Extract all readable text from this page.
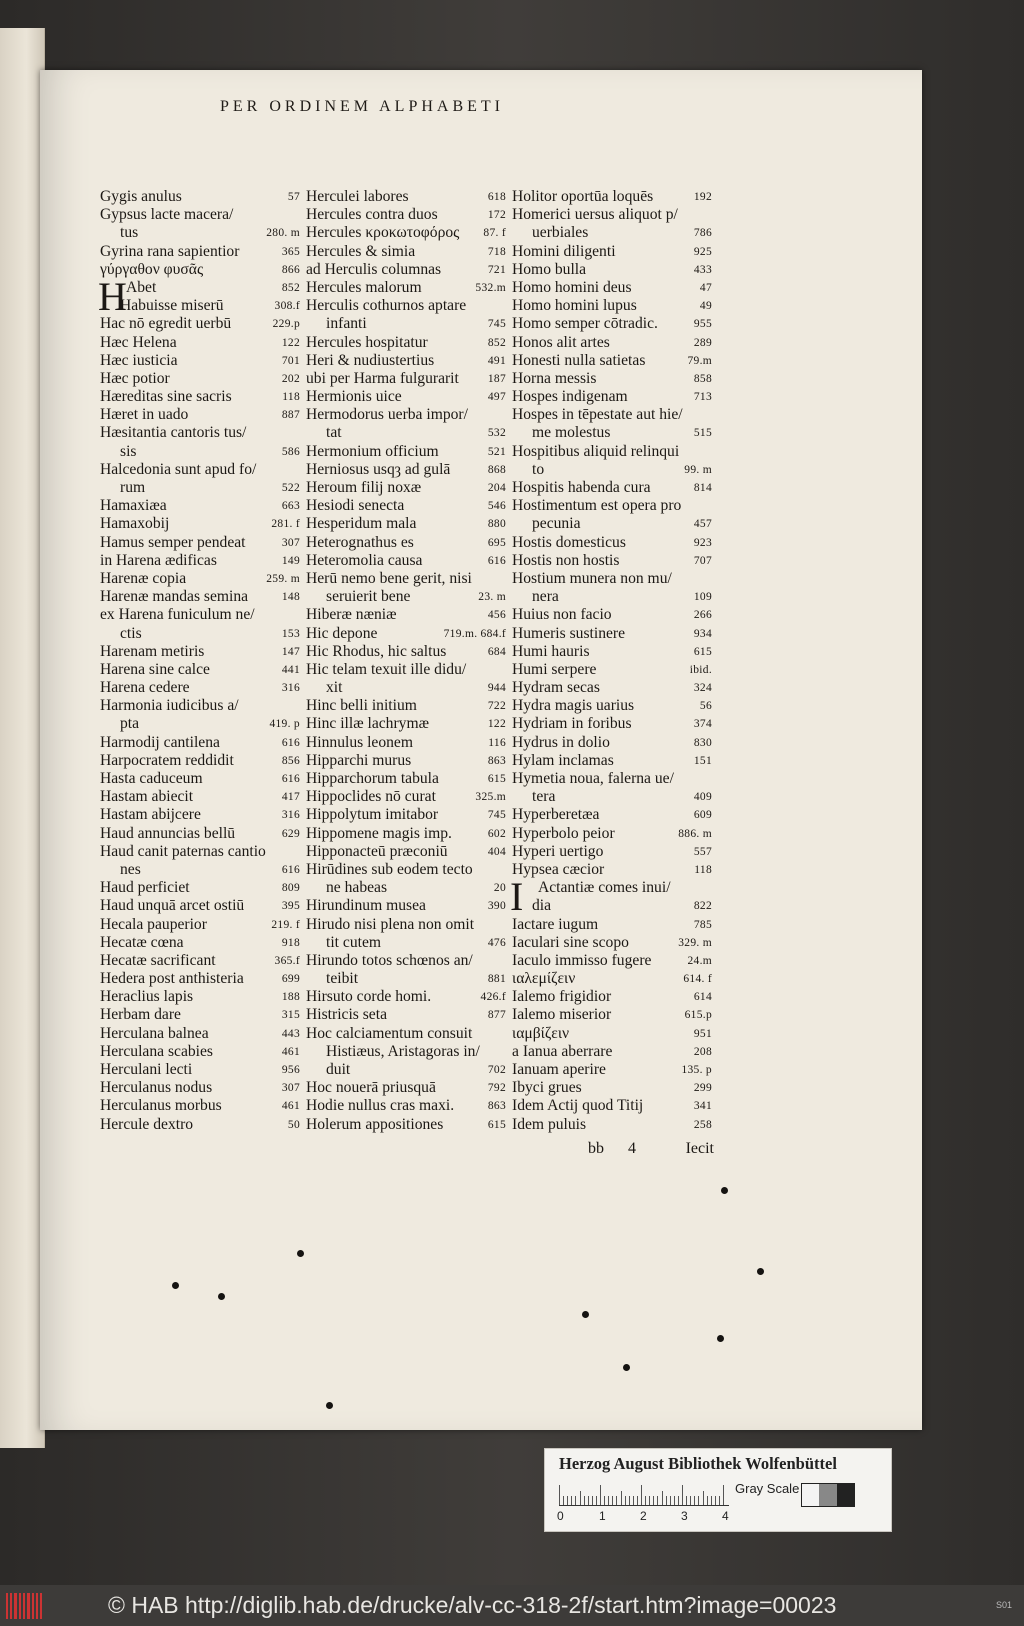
PER ORDINEM ALPHABETI
Gygis anulus	57
Gypsus lacte macera/
tus	280. m
Gyrina rana sapientior	365
γύργαθον φυσᾶς	866
Abet	852
H
Habuisse miserū	308.f
Hac nō egredit uerbū	229.p
Hæc Helena	122
Hæc iusticia	701
Hæc potior	202
Hæreditas sine sacris	118
Hæret in uado	887
Hæsitantia cantoris tus/
sis	586
Halcedonia sunt apud fo/
rum	522
Hamaxiæa	663
Hamaxobij	281. f
Hamus semper pendeat	307
in Harena ædificas	149
Harenæ copia	259. m
Harenæ mandas semina	148
ex Harena funiculum ne/
ctis	153
Harenam metiris	147
Harena sine calce	441
Harena cedere	316
Harmonia iudicibus a/
pta	419. p
Harmodij cantilena	616
Harpocratem reddidit	856
Hasta caduceum	616
Hastam abiecit	417
Hastam abijcere	316
Haud annuncias bellū	629
Haud canit paternas cantio
nes	616
Haud perficiet	809
Haud unquā arcet ostiū	395
Hecala pauperior	219. f
Hecatæ cœna	918
Hecatæ sacrificant	365.f
Hedera post anthisteria	699
Heraclius lapis	188
Herbam dare	315
Herculana balnea	443
Herculana scabies	461
Herculani lecti	956
Herculanus nodus	307
Herculanus morbus	461
Hercule dextro	50
Herculei labores	618
Hercules contra duos	172
Hercules κροκωτοφόρος 87. f
Hercules & simia	718
ad Herculis columnas	721
Hercules malorum	532.m
Herculis cothurnos aptare
infanti	745
Hercules hospitatur	852
Heri & nudiustertius	491
ubi per Harma fulgurarit	187
Hermionis uice	497
Hermodorus uerba impor/
tat	532
Hermonium officium	521
Herniosus usqȝ ad gulā	868
Heroum filij noxæ	204
Hesiodi senecta	546
Hesperidum mala	880
Heterognathus es	695
Heteromolia causa	616
Herū nemo bene gerit, nisi
seruierit bene	23. m
Hiberæ næniæ	456
Hic depone	719.m. 684.f
Hic Rhodus, hic saltus	684
Hic telam texuit ille didu/
xit	944
Hinc belli initium	722
Hinc illæ lachrymæ	122
Hinnulus leonem	116
Hipparchi murus	863
Hipparchorum tabula	615
Hippoclides nō curat	325.m
Hippolytum imitabor	745
Hippomene magis imp.	602
Hipponacteū præconiū	404
Hirūdines sub eodem tecto
ne habeas	20
Hirundinum musea	390
Hirudo nisi plena non omit
tit cutem	476
Hirundo totos schœnos an/
teibit	881
Hirsuto corde homi.	426.f
Histricis seta	877
Hoc calciamentum consuit
Histiæus, Aristagoras in/
duit	702
Hoc nouerā priusquā	792
Hodie nullus cras maxi.	863
Holerum appositiones	615
Holitor oportūa loquēs	192
Homerici uersus aliquot p/
uerbiales	786
Homini diligenti	925
Homo bulla	433
Homo homini deus	47
Homo homini lupus	49
Homo semper cōtradic.	955
Honos alit artes	289
Honesti nulla satietas	79.m
Horna messis	858
Hospes indigenam	713
Hospes in tēpestate aut hie/
me molestus	515
Hospitibus aliquid relinqui
to	99. m
Hospitis habenda cura	814
Hostimentum est opera pro
pecunia	457
Hostis domesticus	923
Hostis non hostis	707
Hostium munera non mu/
nera	109
Huius non facio	266
Humeris sustinere	934
Humi hauris	615
Humi serpere	ibid.
Hydram secas	324
Hydra magis uarius	56
Hydriam in foribus	374
Hydrus in dolio	830
Hylam inclamas	151
Hymetia noua, falerna ue/
tera	409
Hyperberetæa	609
Hyperbolo peior	886. m
Hyperi uertigo	557
Hypsea cæcior	118
Actantiæ comes inui/
I dia	822
Iactare iugum	785
Iaculari sine scopo	329. m
Iaculo immisso fugere	24.m
ιαλεμίζειν	614. f
Ialemo frigidior	614
Ialemo miserior	615.p
ιαμβίζειν	951
a Ianua aberrare	208
Ianuam aperire	135. p
Ibyci grues	299
Idem Actij quod Titij	341
Idem puluis	258
bb 4	Iecit
Herzog August Bibliothek Wolfenbüttel
0	1	2	3	4
Gray Scale
© HAB http://diglib.hab.de/drucke/alv-cc-318-2f/start.htm?image=00023	S01
